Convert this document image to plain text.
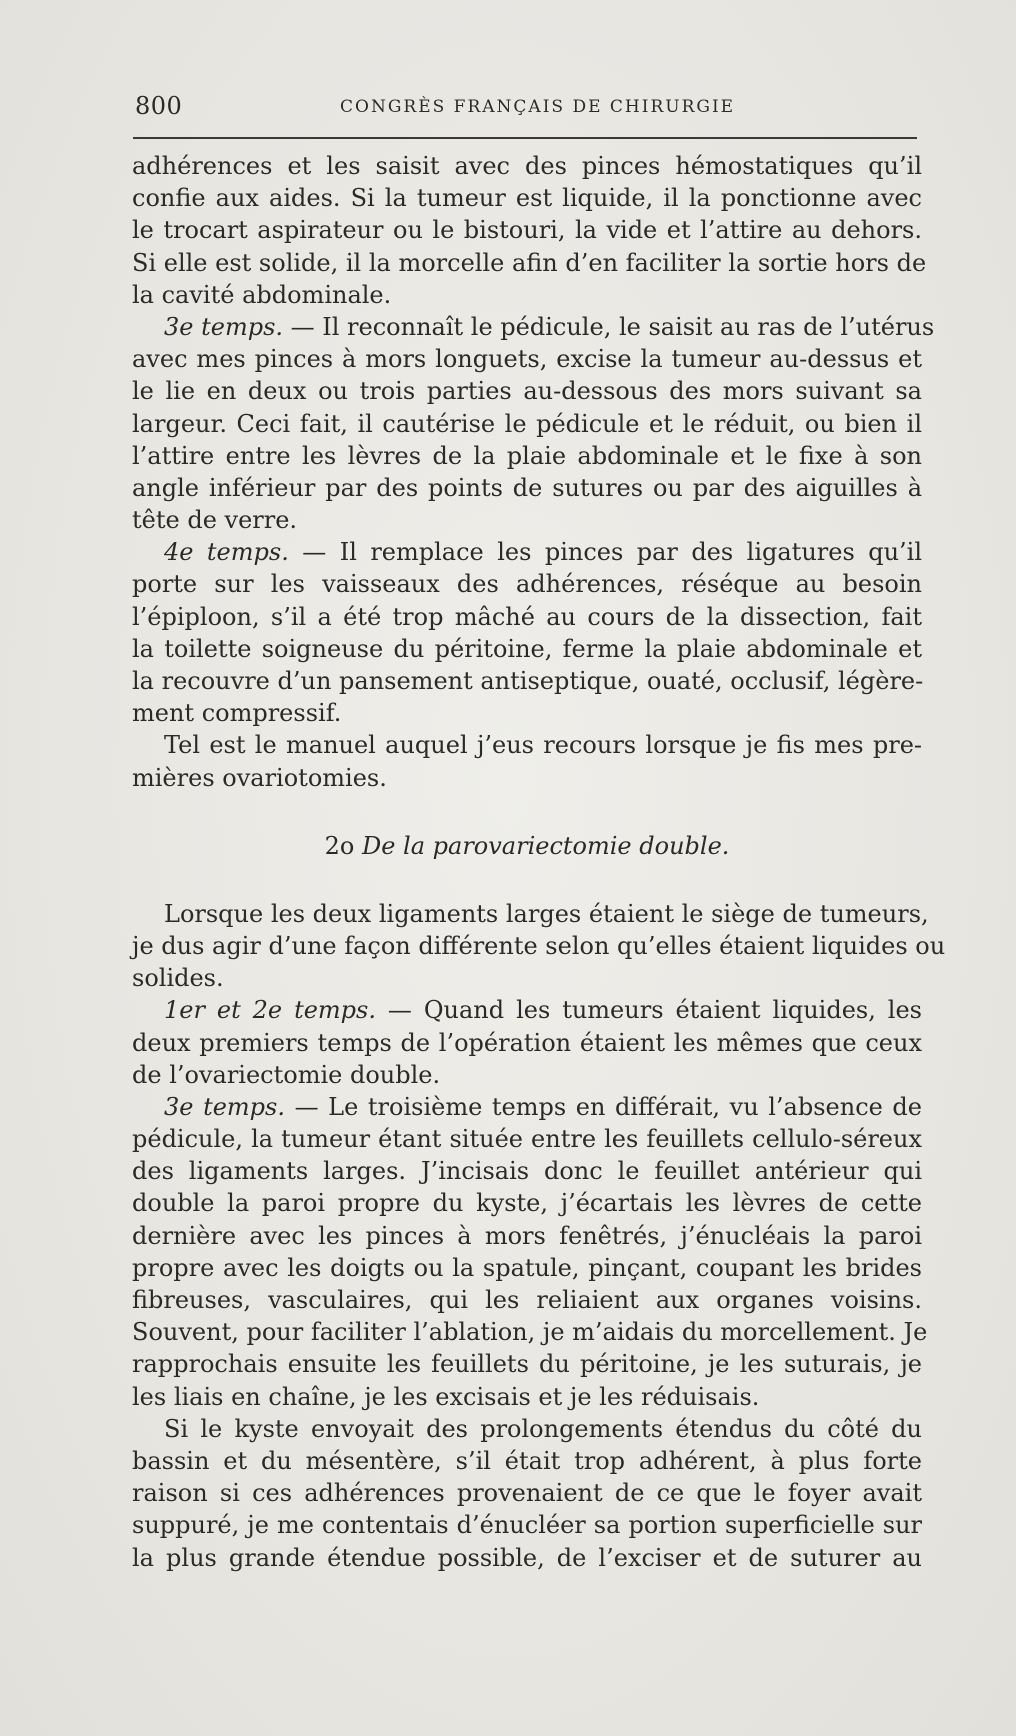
800	CONGRÈS FRANÇAIS DE CHIRURGIE
adhérences et les saisit avec des pinces hémostatiques qu’il
confie aux aides. Si la tumeur est liquide, il la ponctionne avec
le trocart aspirateur ou le bistouri, la vide et l’attire au dehors.
Si elle est solide, il la morcelle afin d’en faciliter la sortie hors de
la cavité abdominale.
3e temps. — Il reconnaît le pédicule, le saisit au ras de l’utérus
avec mes pinces à mors longuets, excise la tumeur au-dessus et
le lie en deux ou trois parties au-dessous des mors suivant sa
largeur. Ceci fait, il cautérise le pédicule et le réduit, ou bien il
l’attire entre les lèvres de la plaie abdominale et le fixe à son
angle inférieur par des points de sutures ou par des aiguilles à
tête de verre.
4e temps. — Il remplace les pinces par des ligatures qu’il
porte sur les vaisseaux des adhérences, réséque au besoin
l’épiploon, s’il a été trop mâché au cours de la dissection, fait
la toilette soigneuse du péritoine, ferme la plaie abdominale et
la recouvre d’un pansement antiseptique, ouaté, occlusif, légère-
ment compressif.
Tel est le manuel auquel j’eus recours lorsque je fis mes pre-
mières ovariotomies.
2o De la parovariectomie double.
Lorsque les deux ligaments larges étaient le siège de tumeurs,
je dus agir d’une façon différente selon qu’elles étaient liquides ou
solides.
1er et 2e temps. — Quand les tumeurs étaient liquides, les
deux premiers temps de l’opération étaient les mêmes que ceux
de l’ovariectomie double.
3e temps. — Le troisième temps en différait, vu l’absence de
pédicule, la tumeur étant située entre les feuillets cellulo-séreux
des ligaments larges. J’incisais donc le feuillet antérieur qui
double la paroi propre du kyste, j’écartais les lèvres de cette
dernière avec les pinces à mors fenêtrés, j’énucléais la paroi
propre avec les doigts ou la spatule, pinçant, coupant les brides
fibreuses, vasculaires, qui les reliaient aux organes voisins.
Souvent, pour faciliter l’ablation, je m’aidais du morcellement. Je
rapprochais ensuite les feuillets du péritoine, je les suturais, je
les liais en chaîne, je les excisais et je les réduisais.
Si le kyste envoyait des prolongements étendus du côté du
bassin et du mésentère, s’il était trop adhérent, à plus forte
raison si ces adhérences provenaient de ce que le foyer avait
suppuré, je me contentais d’énucléer sa portion superficielle sur
la plus grande étendue possible, de l’exciser et de suturer au
